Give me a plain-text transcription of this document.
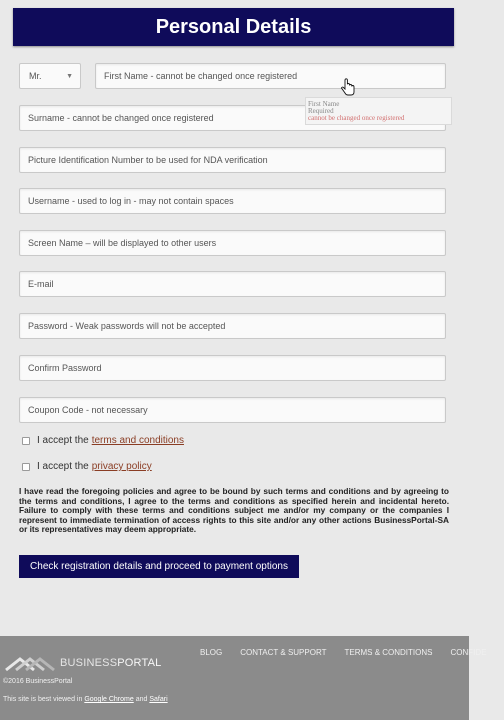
Personal Details
Mr.	▼	First Name - cannot be changed once registered
Surname - cannot be changed once registered
First Name
Required
cannot be changed once registered
Picture Identification Number to be used for NDA verification
Username - used to log in - may not contain spaces
Screen Name – will be displayed to other users
E-mail
Password - Weak passwords will not be accepted
Confirm Password
Coupon Code - not necessary
I accept the terms and conditions
I accept the privacy policy
I have read the foregoing policies and agree to be bound by such terms and conditions and by agreeing to the terms and conditions, I agree to the terms and conditions as specified herein and incidental hereto. Failure to comply with these terms and conditions subject me and/or my company or the companies I represent to immediate termination of access rights to this site and/or any other actions BusinessPortal-SA or its representatives may deem appropriate.
Check registration details and proceed to payment options
BUSINESSPORTAL
BLOG CONTACT & SUPPORT TERMS & CONDITIONS CONFIDE
©2016 BusinessPortal
This site is best viewed in Google Chrome and Safari
